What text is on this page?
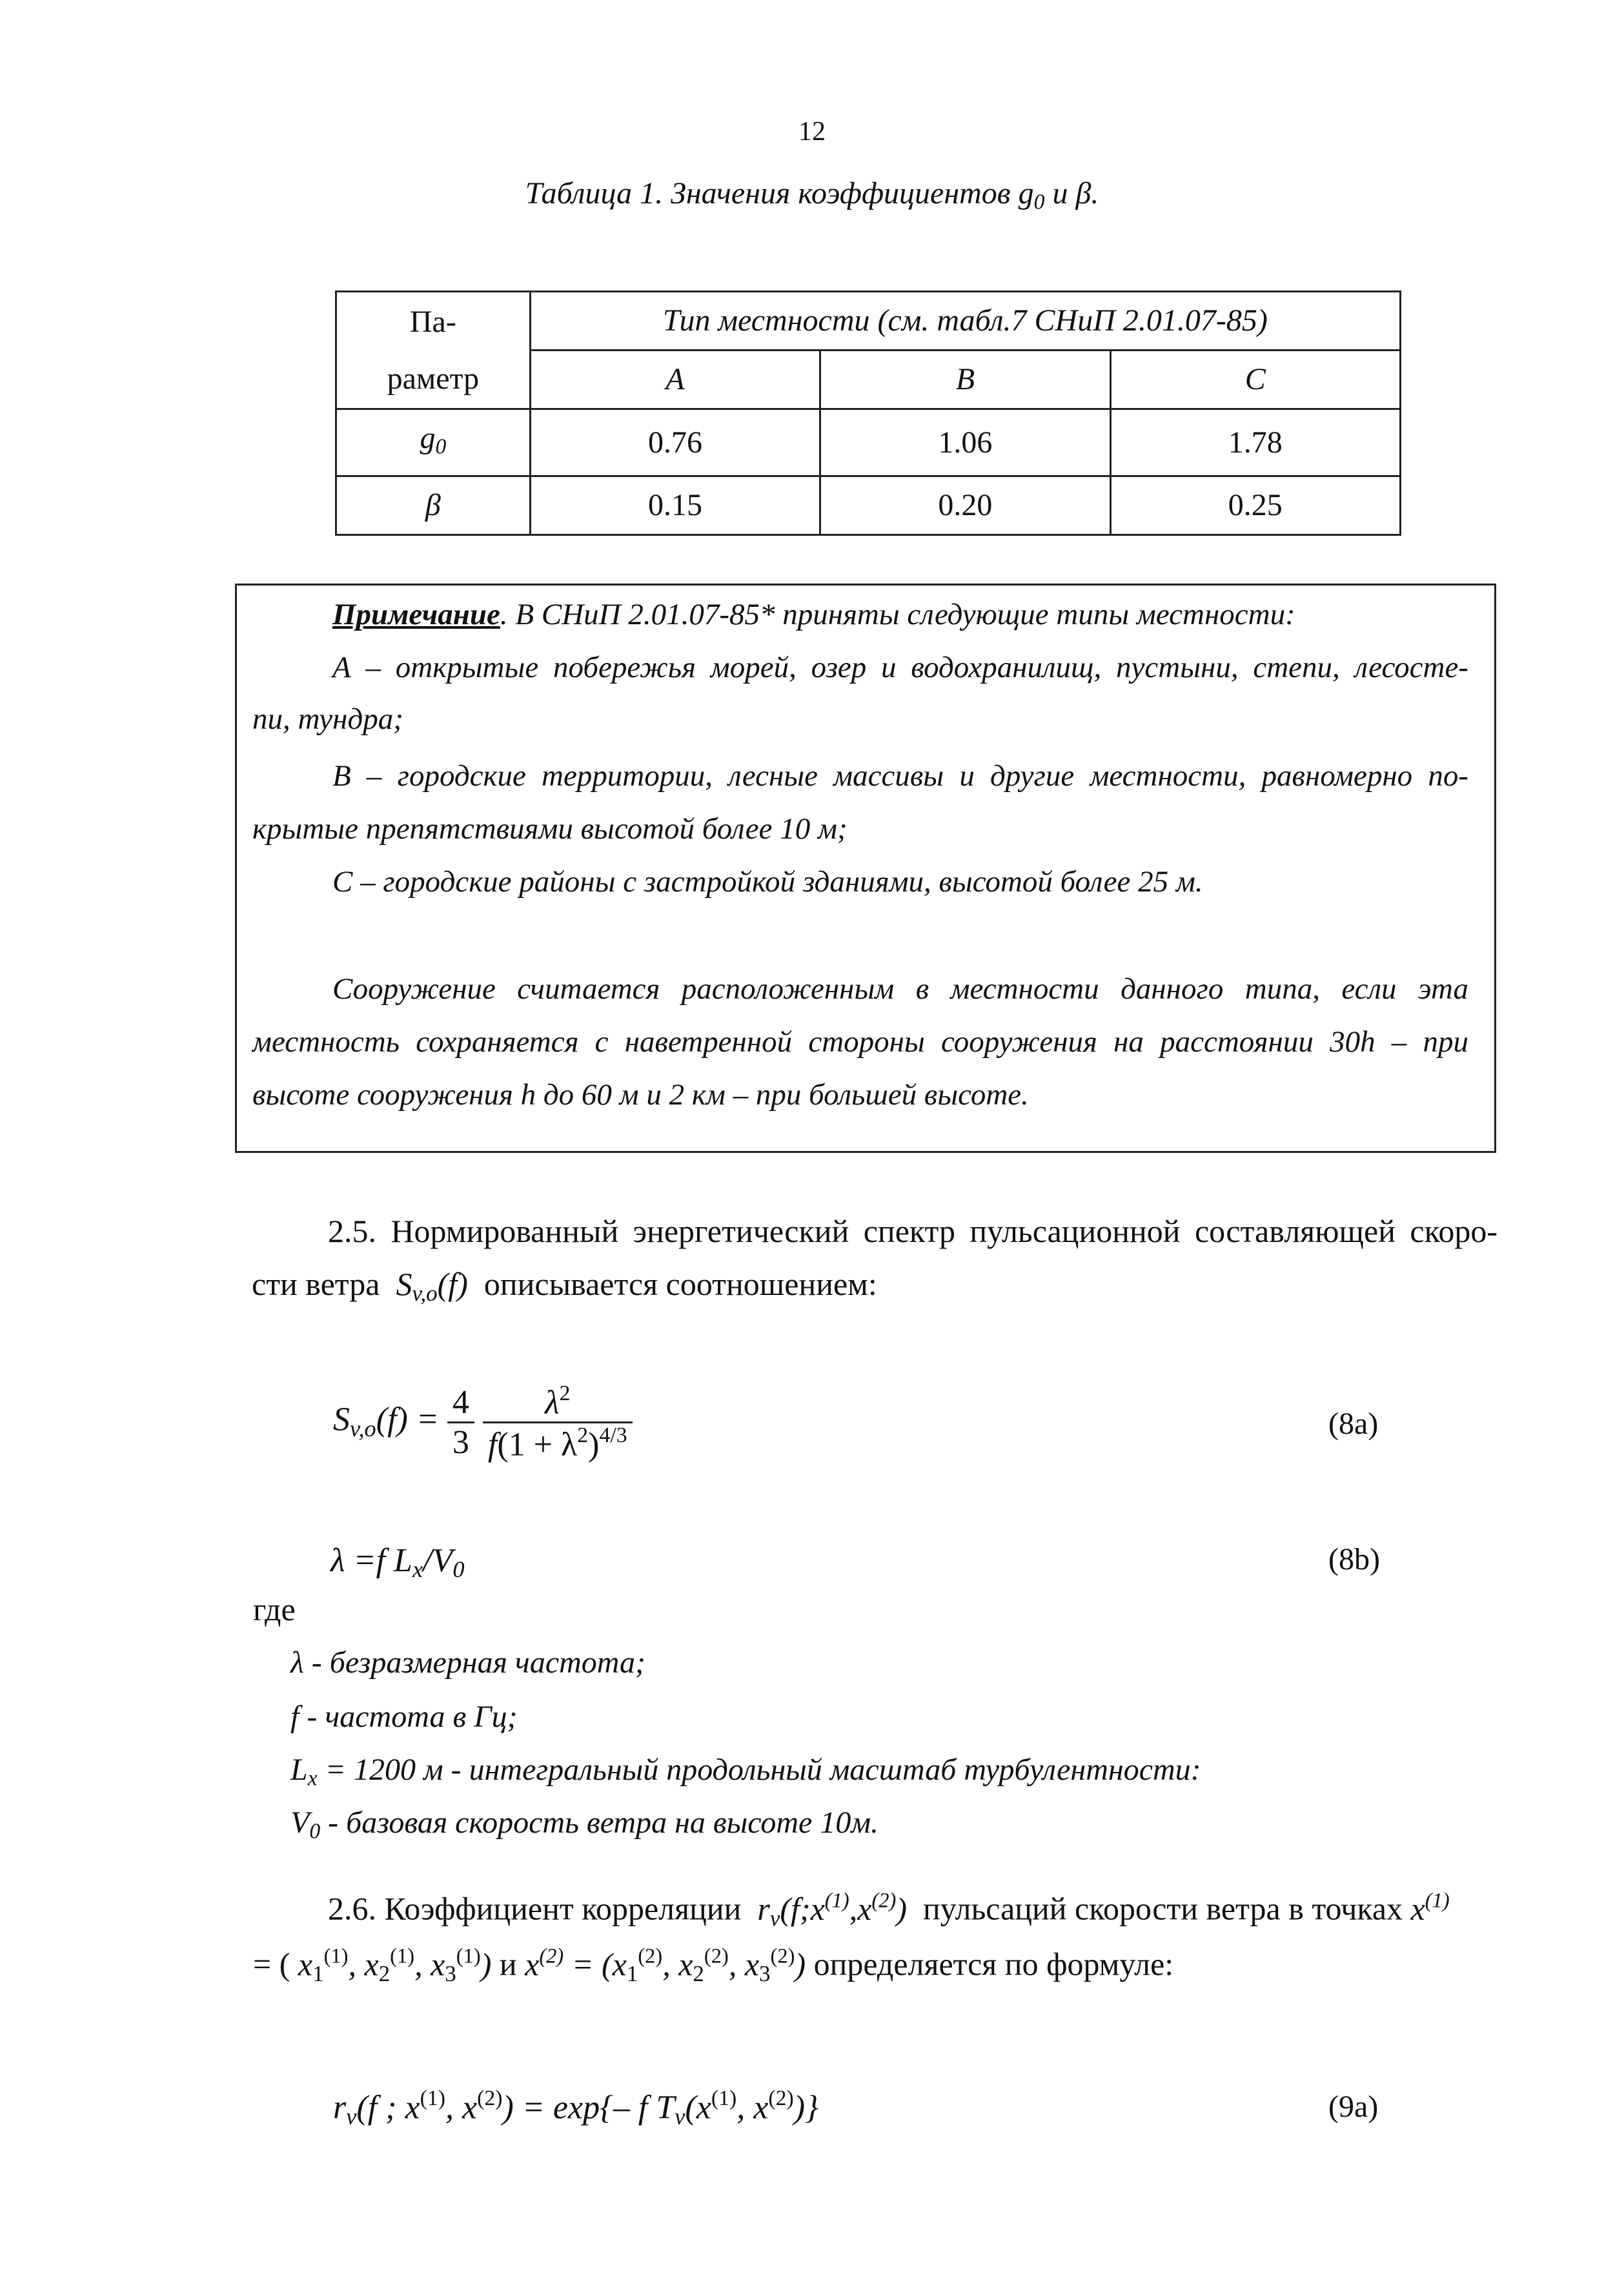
12
Таблица 1. Значения коэффициентов $g_0$ и β.
Па-
раметр	Тип местности (см. табл.7 СНиП 2.01.07-85)		
	A	B	C
$g_0$	0.76	1.06	1.78
β	0.15	0.20	0.25
Примечание. В СНиП 2.01.07-85* приняты следующие типы местности:
А – открытые побережья морей, озер и водохранилищ, пустыни, степи, лесосте-
пи, тундра;
В – городские территории, лесные массивы и другие местности, равномерно по-
крытые препятствиями высотой более 10 м;
С – городские районы с застройкой зданиями, высотой более 25 м.
Сооружение считается расположенным в местности данного типа, если эта
местность сохраняется с наветренной стороны сооружения на расстоянии 30h – при
высоте сооружения h до 60 м и 2 км – при большей высоте.
2.5. Нормированный энергетический спектр пульсационной составляющей скоро-
сти ветра $S_{v,o}(f)$ описывается соотношением:
$S_{v,o}(f) = \frac{4}{3}$
$\frac{\lambda^2}{f(1 + \lambda^2)^{4/3}}$	(8a)
λ =f $L_x/V_0$	(8b)
где
λ - безразмерная частота;
f - частота в Гц;
$L_x = 1200$ м - интегральный продольный масштаб турбулентности:
$V_0$ - базовая скорость ветра на высоте 10м.
2.6. Коэффициент корреляции $r_v(f;x^{(1)},x^{(2)})$ пульсаций скорости ветра в точках $x^{(1)}$
= ( $x_1^{(1)}$, $x_2^{(1)}$, $x_3^{(1)}$) и $x^{(2)} = (x_1^{(2)}$, $x_2^{(2)}$, $x_3^{(2)}$) определяется по формуле:
$r_v(f$ ; $x^{(1)}$, $x^{(2)}) = \exp\{-$ f $T_v(x^{(1)}$, $x^{(2)}$)}	(9a)
